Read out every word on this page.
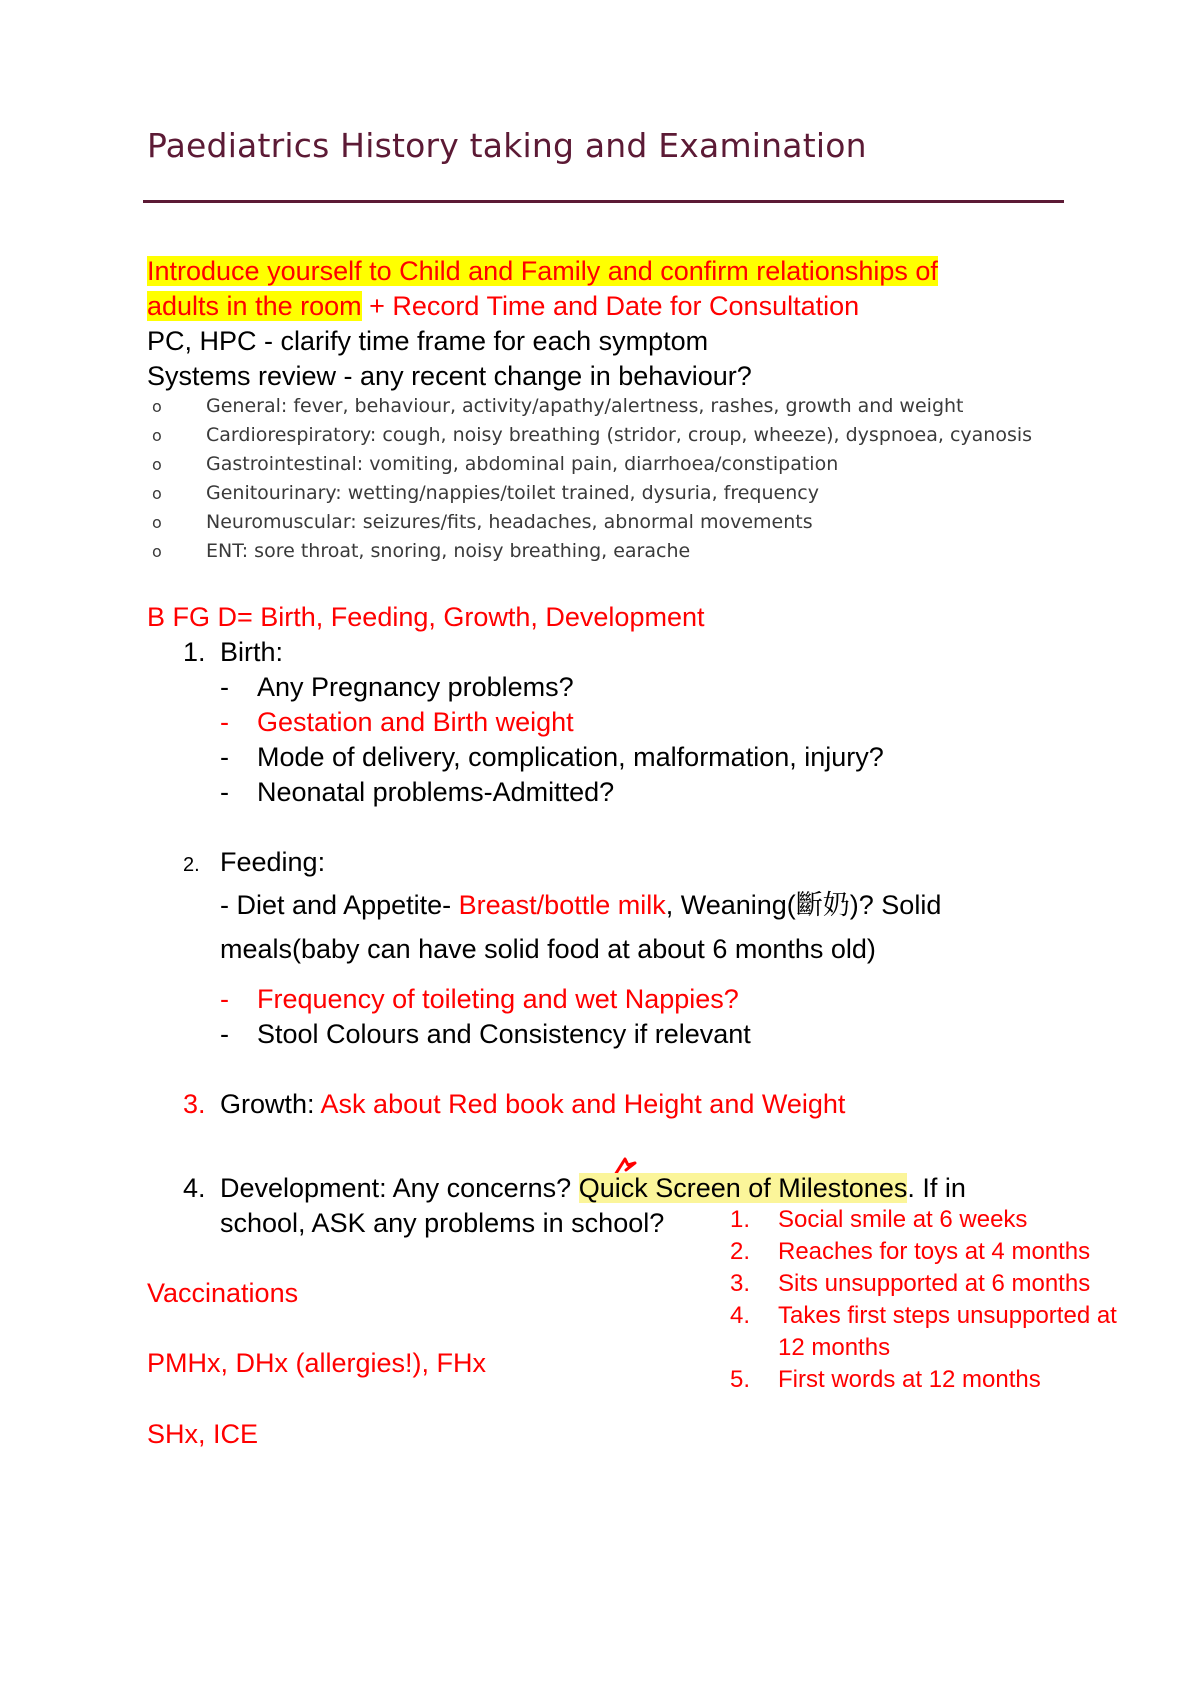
Paediatrics History taking and Examination
Introduce yourself to Child and Family and confirm relationships of
adults in the room + Record Time and Date for Consultation
PC, HPC - clarify time frame for each symptom
Systems review - any recent change in behaviour?
o General: fever, behaviour, activity/apathy/alertness, rashes, growth and weight
o Cardiorespiratory: cough, noisy breathing (stridor, croup, wheeze), dyspnoea, cyanosis
o Gastrointestinal: vomiting, abdominal pain, diarrhoea/constipation
o Genitourinary: wetting/nappies/toilet trained, dysuria, frequency
o Neuromuscular: seizures/fits, headaches, abnormal movements
o ENT: sore throat, snoring, noisy breathing, earache
B FG D= Birth, Feeding, Growth, Development
1. Birth:
- Any Pregnancy problems?
- Gestation and Birth weight
- Mode of delivery, complication, malformation, injury?
- Neonatal problems-Admitted?
2. Feeding:
- Diet and Appetite- Breast/bottle milk, Weaning(斷奶)? Solid
meals(baby can have solid food at about 6 months old)
- Frequency of toileting and wet Nappies?
- Stool Colours and Consistency if relevant
3. Growth: Ask about Red book and Height and Weight
4. Development: Any concerns? Quick Screen of Milestones. If in
school, ASK any problems in school?	1.	Social smile at 6 weeks
2.	Reaches for toys at 4 months
3.	Sits unsupported at 6 months
4.	Takes first steps unsupported at 12 months
5.	First words at 12 months
Vaccinations
PMHx, DHx (allergies!), FHx
SHx, ICE
